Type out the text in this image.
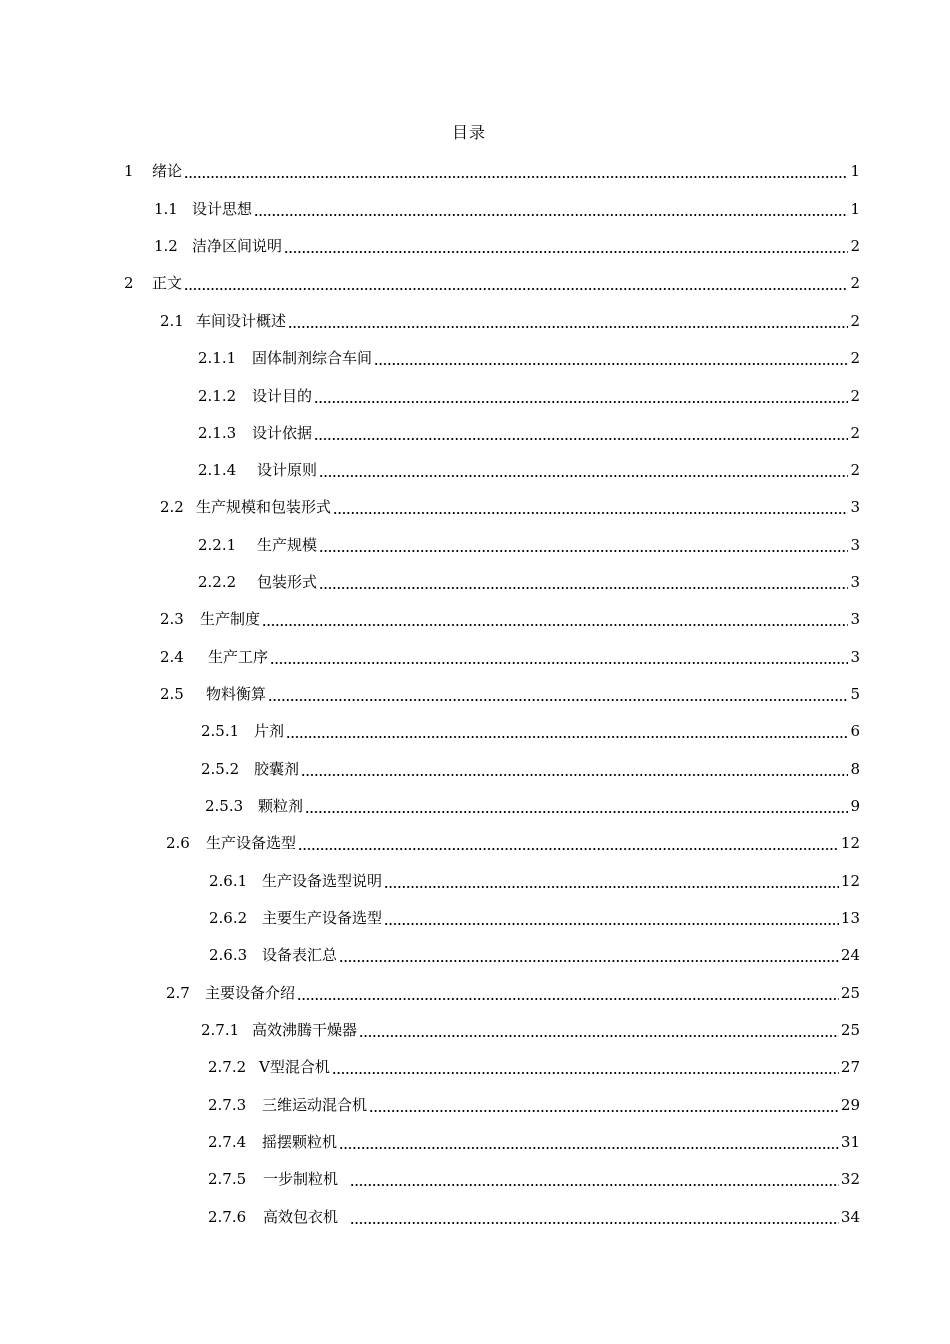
目录
1	绪论	1
1.1 设计思想	1
1.2 洁净区间说明	2
2	正文	2
2.1 车间设计概述	2
2.1.1	固体制剂综合车间	2
2.1.2	设计目的	2
2.1.3	设计依据	2
2.1.4	设计原则	2
2.2 生产规模和包装形式	3
2.2.1	生产规模	3
2.2.2	包装形式	3
2.3	生产制度	3
2.4	生产工序	3
2.5	物料衡算	5
2.5.1 片剂	6
2.5.2 胶囊剂	8
2.5.3 颗粒剂	9
2.6	生产设备选型	12
2.6.1 生产设备选型说明	12
2.6.2 主要生产设备选型	13
2.6.3 设备表汇总	24
2.7	主要设备介绍	25
2.7.1 高效沸腾干燥器	25
2.7.2 V型混合机	27
2.7.3	三维运动混合机	29
2.7.4	摇摆颗粒机	31
2.7.5	一步制粒机	32
2.7.6	高效包衣机	34
